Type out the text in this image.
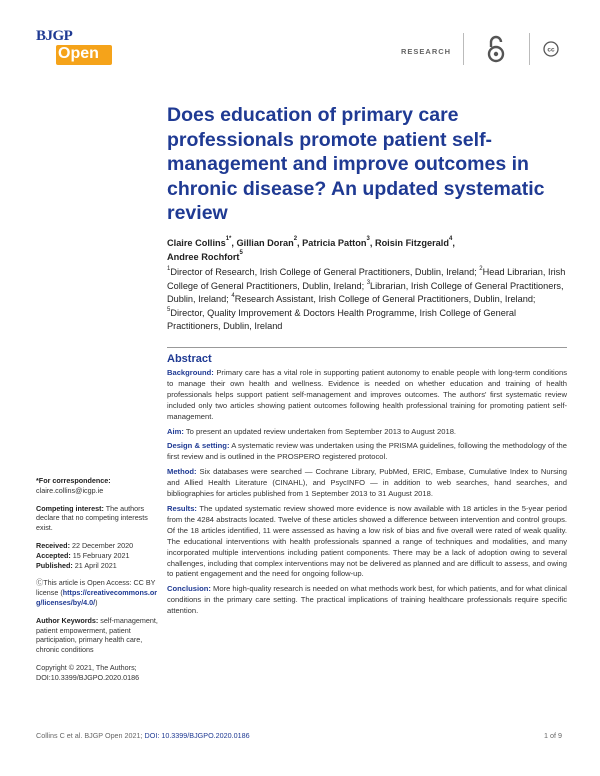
BJGP
Open	RESEARCH	cc
Does education of primary care professionals promote patient self-management and improve outcomes in chronic disease? An updated systematic review
Claire Collins$^{1*}$, Gillian Doran$^2$, Patricia Patton$^3$, Roisin Fitzgerald$^4$,
Andree Rochfort$^5$
$^1$Director of Research, Irish College of General Practitioners, Dublin, Ireland; $^2$Head Librarian, Irish College of General Practitioners, Dublin, Ireland; $^3$Librarian, Irish College of General Practitioners, Dublin, Ireland; $^4$Research Assistant, Irish College of General Practitioners, Dublin, Ireland; $^5$Director, Quality Improvement & Doctors Health Programme, Irish College of General Practitioners, Dublin, Ireland
Abstract

Background: Primary care has a vital role in supporting patient autonomy to enable people with long-term conditions to manage their own health and wellness. Evidence is needed on whether education and training of health professionals helps support patient self-management and improves outcomes. The authors' first systematic review included only two articles showing patient outcomes following health professional training for promoting patient self-management.

Aim: To present an updated review undertaken from September 2013 to August 2018.

Design & setting: A systematic review was undertaken using the PRISMA guidelines, following the methodology of the first review and is outlined in the PROSPERO registered protocol.

Method: Six databases were searched — Cochrane Library, PubMed, ERIC, Embase, Cumulative Index to Nursing and Allied Health Literature (CINAHL), and PsycINFO — in addition to web searches, hand searches, and bibliographies for articles published from 1 September 2013 to 31 August 2018.

Results: The updated systematic review showed more evidence is now available with 18 articles in the 5-year period from the 4284 abstracts located. Twelve of these articles showed a difference between intervention and control groups. Of the 18 articles identified, 11 were assessed as having a low risk of bias and five overall were rated of weak quality. The educational interventions with health professionals spanned a range of techniques and modalities, and many incorporated multiple interventions including patient components. There may be a lack of adoption owing to several challenges, including that complex interventions may not be delivered as planned and are difficult to assess, and owing to patient engagement and the need for ongoing follow-up.

Conclusion: More high-quality research is needed on what methods work best, for which patients, and for what clinical conditions in the primary care setting. The practical implications of training healthcare professionals require specific attention.

*For correspondence: claire.collins@icgp.ie

Competing interest: The authors declare that no competing interests exist.

Received: 22 December 2020
Accepted: 15 February 2021
Published: 21 April 2021

ⒸThis article is Open Access: CC BY license (https://creativecommons.org/licenses/by/4.0/)

Author Keywords: self-management, patient empowerment, patient participation, primary health care, chronic conditions

Copyright © 2021, The Authors;
DOI:10.3399/BJGPO.2020.0186

Collins C et al. BJGP Open 2021; DOI: 10.3399/BJGPO.2020.0186	1 of 9
